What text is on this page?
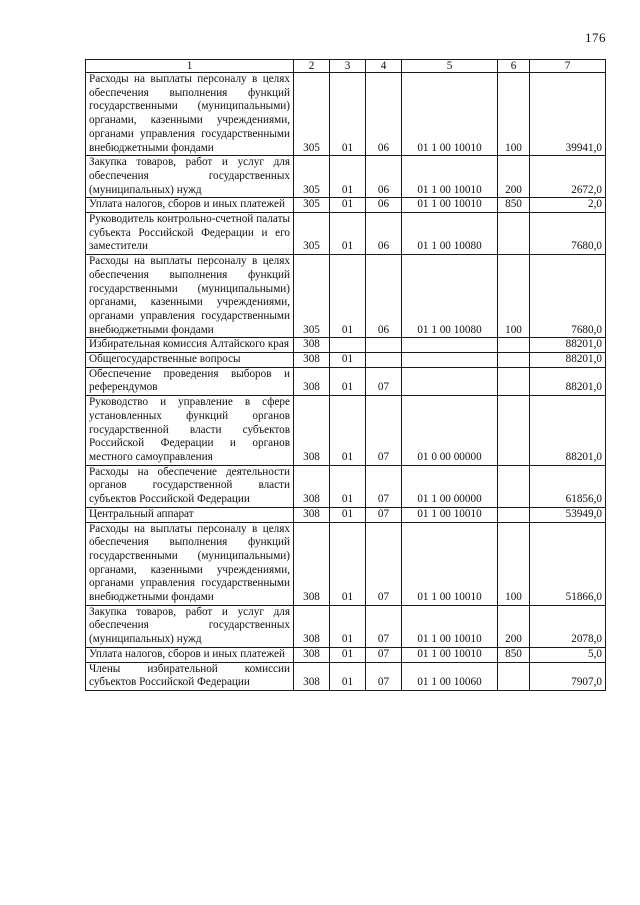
176
1	2	3	4	5	6	7
Расходы на выплаты персоналу в целях обеспечения выполнения функций государственными (муниципальными) органами, казенными учреждениями, органами управления государственными внебюджетными фондами	305	01	06	01 1 00 10010	100	39941,0
Закупка товаров, работ и услуг для обеспечения государственных (муниципальных) нужд	305	01	06	01 1 00 10010	200	2672,0
Уплата налогов, сборов и иных платежей	305	01	06	01 1 00 10010	850	2,0
Руководитель контрольно-счетной палаты субъекта Российской Федерации и его заместители	305	01	06	01 1 00 10080		7680,0
Расходы на выплаты персоналу в целях обеспечения выполнения функций государственными (муниципальными) органами, казенными учреждениями, органами управления государственными внебюджетными фондами	305	01	06	01 1 00 10080	100	7680,0
Избирательная комиссия Алтайского края	308					88201,0
Общегосударственные вопросы	308	01				88201,0
Обеспечение проведения выборов и референдумов	308	01	07			88201,0
Руководство и управление в сфере установленных функций органов государственной власти субъектов Российской Федерации и органов местного самоуправления	308	01	07	01 0 00 00000		88201,0
Расходы на обеспечение деятельности органов государственной власти субъектов Российской Федерации	308	01	07	01 1 00 00000		61856,0
Центральный аппарат	308	01	07	01 1 00 10010		53949,0
Расходы на выплаты персоналу в целях обеспечения выполнения функций государственными (муниципальными) органами, казенными учреждениями, органами управления государственными внебюджетными фондами	308	01	07	01 1 00 10010	100	51866,0
Закупка товаров, работ и услуг для обеспечения государственных (муниципальных) нужд	308	01	07	01 1 00 10010	200	2078,0
Уплата налогов, сборов и иных платежей	308	01	07	01 1 00 10010	850	5,0
Члены избирательной комиссии субъектов Российской Федерации	308	01	07	01 1 00 10060		7907,0
